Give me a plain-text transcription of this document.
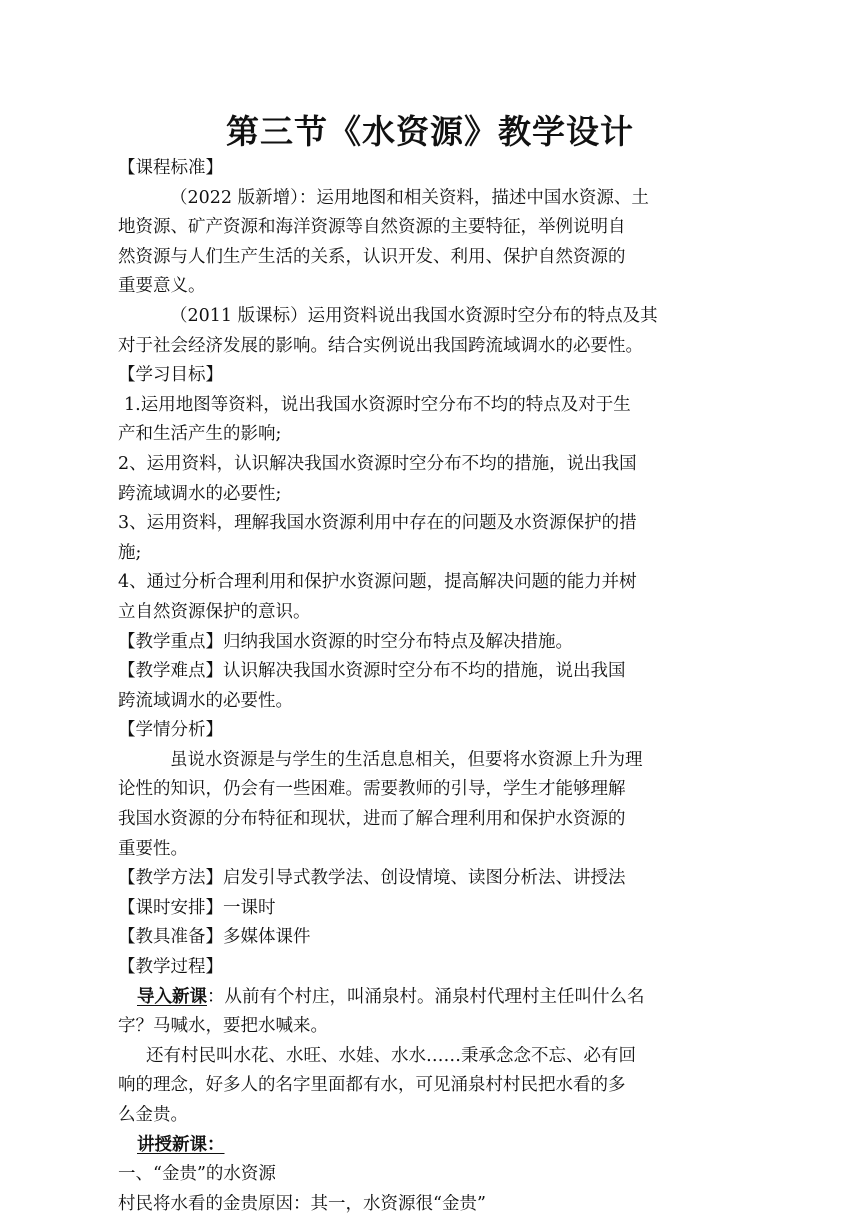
第三节《水资源》教学设计

【课程标准】

（2022 版新增）：运用地图和相关资料，描述中国水资源、土

地资源、矿产资源和海洋资源等自然资源的主要特征，举例说明自

然资源与人们生产生活的关系，认识开发、利用、保护自然资源的

重要意义。

（2011 版课标）运用资料说出我国水资源时空分布的特点及其

对于社会经济发展的影响。结合实例说出我国跨流域调水的必要性。

【学习目标】

1.运用地图等资料，说出我国水资源时空分布不均的特点及对于生

产和生活产生的影响;

2、运用资料，认识解决我国水资源时空分布不均的措施，说出我国

跨流域调水的必要性;

3、运用资料，理解我国水资源利用中存在的问题及水资源保护的措

施;

4、通过分析合理利用和保护水资源问题，提高解决问题的能力并树

立自然资源保护的意识。

【教学重点】归纳我国水资源的时空分布特点及解决措施。

【教学难点】认识解决我国水资源时空分布不均的措施，说出我国

跨流域调水的必要性。

【学情分析】

虽说水资源是与学生的生活息息相关，但要将水资源上升为理

论性的知识，仍会有一些困难。需要教师的引导，学生才能够理解

我国水资源的分布特征和现状，进而了解合理利用和保护水资源的

重要性。

【教学方法】启发引导式教学法、创设情境、读图分析法、讲授法

【课时安排】一课时

【教具准备】多媒体课件

【教学过程】

导入新课：从前有个村庄，叫涌泉村。涌泉村代理村主任叫什么名

字？马喊水，要把水喊来。

还有村民叫水花、水旺、水娃、水水……秉承念念不忘、必有回

响的理念，好多人的名字里面都有水，可见涌泉村村民把水看的多

么金贵。

讲授新课：

一、“金贵”的水资源

村民将水看的金贵原因：其一，水资源很“金贵”
